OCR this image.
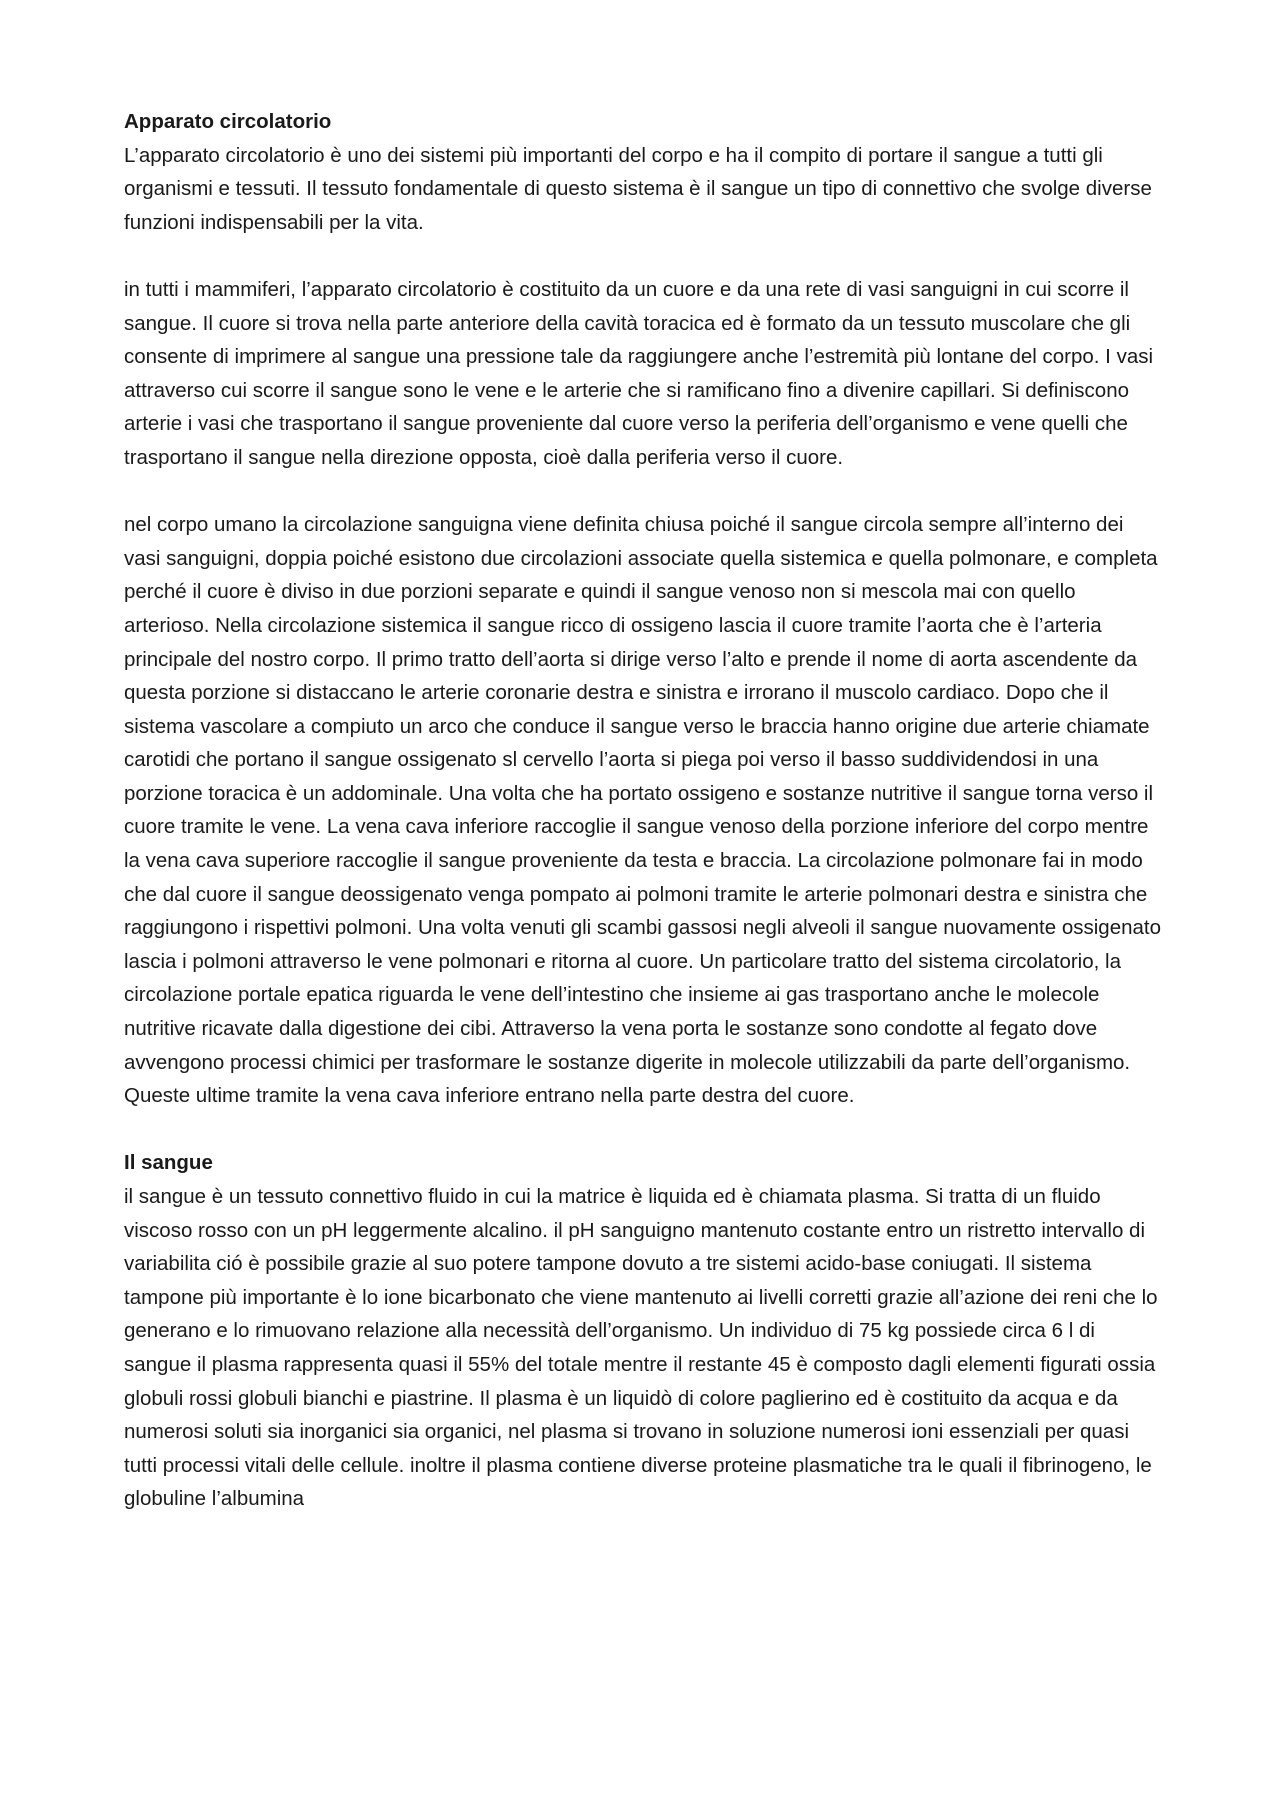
Apparato circolatorio

L’apparato circolatorio è uno dei sistemi più importanti del corpo e ha il compito di portare il sangue a tutti gli organismi e tessuti. Il tessuto fondamentale di questo sistema è il sangue un tipo di connettivo che svolge diverse funzioni indispensabili per la vita.

in tutti i mammiferi, l’apparato circolatorio è costituito da un cuore e da una rete di vasi sanguigni in cui scorre il sangue. Il cuore si trova nella parte anteriore della cavità toracica ed è formato da un tessuto muscolare che gli consente di imprimere al sangue una pressione tale da raggiungere anche l’estremità più lontane del corpo. I vasi attraverso cui scorre il sangue sono le vene e le arterie che si ramificano fino a divenire capillari. Si definiscono arterie i vasi che trasportano il sangue proveniente dal cuore verso la periferia dell’organismo e vene quelli che trasportano il sangue nella direzione opposta, cioè dalla periferia verso il cuore.

nel corpo umano la circolazione sanguigna viene definita chiusa poiché il sangue circola sempre all’interno dei vasi sanguigni, doppia poiché esistono due circolazioni associate quella sistemica e quella polmonare, e completa perché il cuore è diviso in due porzioni separate e quindi il sangue venoso non si mescola mai con quello arterioso. Nella circolazione sistemica il sangue ricco di ossigeno lascia il cuore tramite l’aorta che è l’arteria principale del nostro corpo. Il primo tratto dell’aorta si dirige verso l’alto e prende il nome di aorta ascendente da questa porzione si distaccano le arterie coronarie destra e sinistra e irrorano il muscolo cardiaco. Dopo che il sistema vascolare a compiuto un arco che conduce il sangue verso le braccia hanno origine due arterie chiamate carotidi che portano il sangue ossigenato sl cervello l’aorta si piega poi verso il basso suddividendosi in una porzione toracica è un addominale. Una volta che ha portato ossigeno e sostanze nutritive il sangue torna verso il cuore tramite le vene. La vena cava inferiore raccoglie il sangue venoso della porzione inferiore del corpo mentre la vena cava superiore raccoglie il sangue proveniente da testa e braccia. La circolazione polmonare fai in modo che dal cuore il sangue deossigenato venga pompato ai polmoni tramite le arterie polmonari destra e sinistra che raggiungono i rispettivi polmoni. Una volta venuti gli scambi gassosi negli alveoli il sangue nuovamente ossigenato lascia i polmoni attraverso le vene polmonari e ritorna al cuore. Un particolare tratto del sistema circolatorio, la circolazione portale epatica riguarda le vene dell’intestino che insieme ai gas trasportano anche le molecole nutritive ricavate dalla digestione dei cibi. Attraverso la vena porta le sostanze sono condotte al fegato dove avvengono processi chimici per trasformare le sostanze digerite in molecole utilizzabili da parte dell’organismo. Queste ultime tramite la vena cava inferiore entrano nella parte destra del cuore.

Il sangue

il sangue è un tessuto connettivo fluido in cui la matrice è liquida ed è chiamata plasma. Si tratta di un fluido viscoso rosso con un pH leggermente alcalino. il pH sanguigno mantenuto costante entro un ristretto intervallo di variabilita ció è possibile grazie al suo potere tampone dovuto a tre sistemi acido-base coniugati. Il sistema tampone più importante è lo ione bicarbonato che viene mantenuto ai livelli corretti grazie all’azione dei reni che lo generano e lo rimuovano relazione alla necessità dell’organismo. Un individuo di 75 kg possiede circa 6 l di sangue il plasma rappresenta quasi il 55% del totale mentre il restante 45 è composto dagli elementi figurati ossia globuli rossi globuli bianchi e piastrine. Il plasma è un liquidò di colore paglierino ed è costituito da acqua e da numerosi soluti sia inorganici sia organici, nel plasma si trovano in soluzione numerosi ioni essenziali per quasi tutti processi vitali delle cellule. inoltre il plasma contiene diverse proteine plasmatiche tra le quali il fibrinogeno, le globuline l’albumina
